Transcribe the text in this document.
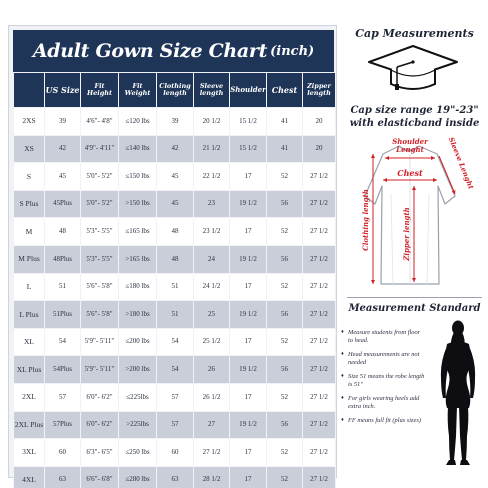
Adult Gown Size Chart (inch)
	US Size	Fit Height	Fit Weight	Clothing length	Sleeve length	Shoulder	Chest	Zipper length
2XS	39	4'6"- 4'8"	≤120 lbs	39	20 1/2	15 1/2	41	20
XS	42	4'9"- 4'11"	≤140 lbs	42	21 1/2	15 1/2	41	20
S	45	5'0"- 5'2"	≤150 lbs	45	22 1/2	17	52	27 1/2
S Plus	45Plus	5'0"- 5'2"	>150 lbs	45	23	19 1/2	56	27 1/2
M	48	5'3"- 5'5"	≤165 lbs	48	23 1/2	17	52	27 1/2
M Plus	48Plus	5'3"- 5'5"	>165 lbs	48	24	19 1/2	56	27 1/2
L	51	5'6"- 5'8"	≤180 lbs	51	24 1/2	17	52	27 1/2
L Plus	51Plus	5'6"- 5'8"	>180 lbs	51	25	19 1/2	56	27 1/2
XL	54	5'9"- 5'11"	≤200 lbs	54	25 1/2	17	52	27 1/2
XL Plus	54Plus	5'9"- 5'11"	>200 lbs	54	26	19 1/2	56	27 1/2
2XL	57	6'0"- 6'2"	≤225lbs	57	26 1/2	17	52	27 1/2
2XL Plus	57Plus	6'0"- 6'2"	>225lbs	57	27	19 1/2	56	27 1/2
3XL	60	6'3"- 6'5"	≤250 lbs	60	27 1/2	17	52	27 1/2
4XL	63	6'6"- 6'8"	≤280 lbs	63	28 1/2	17	52	27 1/2
Cap Measurements
Cap size range 19"-23"
with elasticband inside
Shoulder
Lenght
Chest	Sleeve Lenght
Clothing length	Zipper length
Measurement Standard
♦ Measure students from floor to head.
♦ Head measurements are not needed
♦ Size 51 means the robe length is 51"
♦ For girls wearing heels add extra inch.
♦ FF means full fit (plus sizes)
